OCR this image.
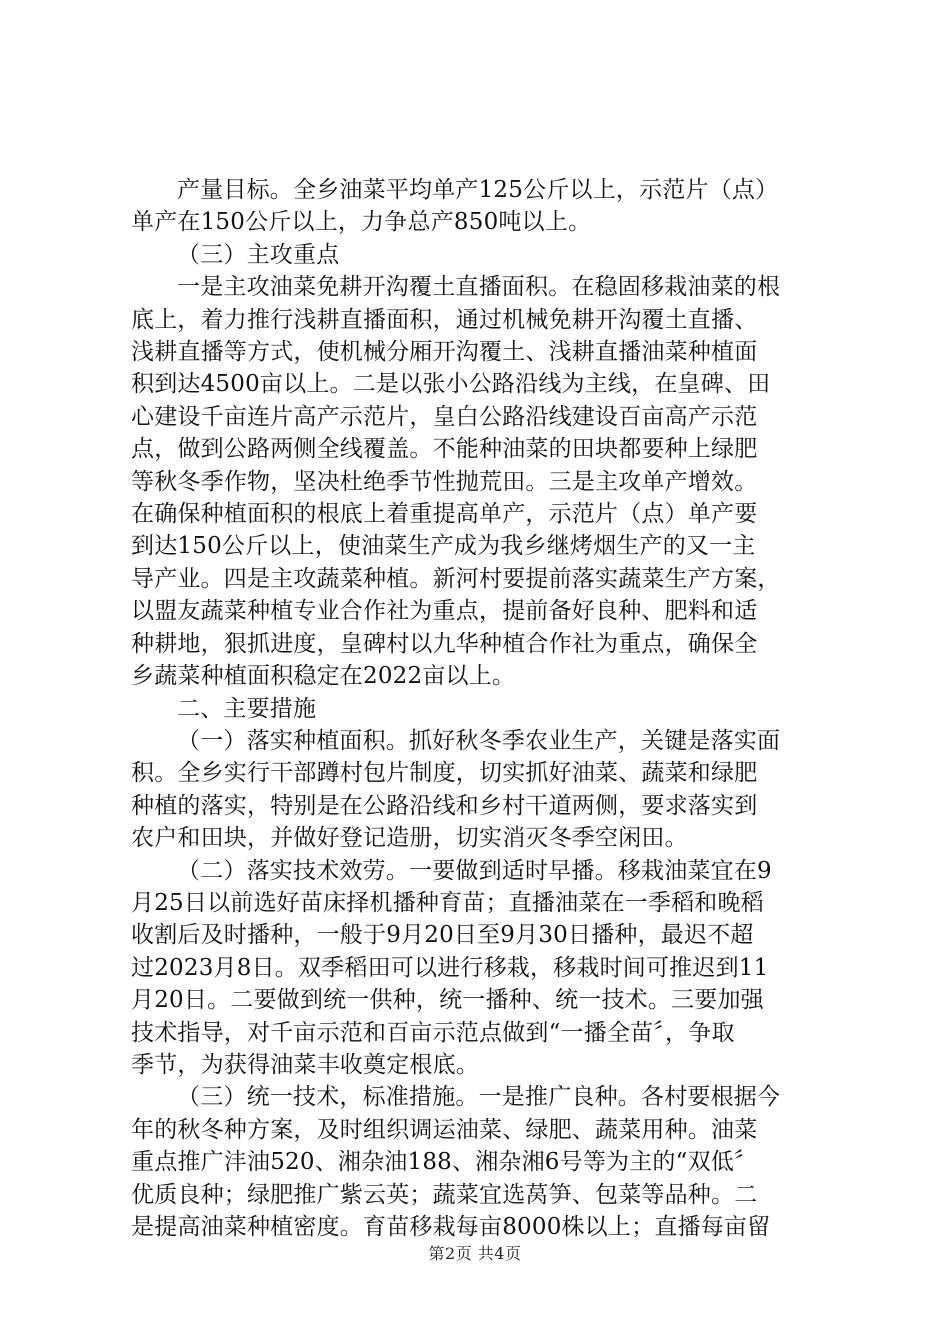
产量目标。全乡油菜平均单产125公斤以上，示范片（点）

单产在150公斤以上，力争总产850吨以上。

（三）主攻重点

一是主攻油菜免耕开沟覆土直播面积。在稳固移栽油菜的根

底上，着力推行浅耕直播面积，通过机械免耕开沟覆土直播、

浅耕直播等方式，使机械分厢开沟覆土、浅耕直播油菜种植面

积到达4500亩以上。二是以张小公路沿线为主线，在皇碑、田

心建设千亩连片高产示范片，皇白公路沿线建设百亩高产示范

点，做到公路两侧全线覆盖。不能种油菜的田块都要种上绿肥

等秋冬季作物，坚决杜绝季节性抛荒田。三是主攻单产增效。

在确保种植面积的根底上着重提高单产，示范片（点）单产要

到达150公斤以上，使油菜生产成为我乡继烤烟生产的又一主

导产业。四是主攻蔬菜种植。新河村要提前落实蔬菜生产方案，

以盟友蔬菜种植专业合作社为重点，提前备好良种、肥料和适

种耕地，狠抓进度，皇碑村以九华种植合作社为重点，确保全

乡蔬菜种植面积稳定在2022亩以上。

二、主要措施

（一）落实种植面积。抓好秋冬季农业生产，关键是落实面

积。全乡实行干部蹲村包片制度，切实抓好油菜、蔬菜和绿肥

种植的落实，特别是在公路沿线和乡村干道两侧，要求落实到

农户和田块，并做好登记造册，切实消灭冬季空闲田。

（二）落实技术效劳。一要做到适时早播。移栽油菜宜在9

月25日以前选好苗床择机播种育苗；直播油菜在一季稻和晚稻

收割后及时播种，一般于9月20日至9月30日播种，最迟不超

过2023月8日。双季稻田可以进行移栽，移栽时间可推迟到11

月20日。二要做到统一供种，统一播种、统一技术。三要加强

技术指导，对千亩示范和百亩示范点做到“一播全苗〞，争取

季节，为获得油菜丰收奠定根底。

（三）统一技术，标准措施。一是推广良种。各村要根据今

年的秋冬种方案，及时组织调运油菜、绿肥、蔬菜用种。油菜

重点推广沣油520、湘杂油188、湘杂湘6号等为主的“双低〞

优质良种；绿肥推广紫云英；蔬菜宜选莴笋、包菜等品种。二

是提高油菜种植密度。育苗移栽每亩8000株以上；直播每亩留

第2页 共4页
